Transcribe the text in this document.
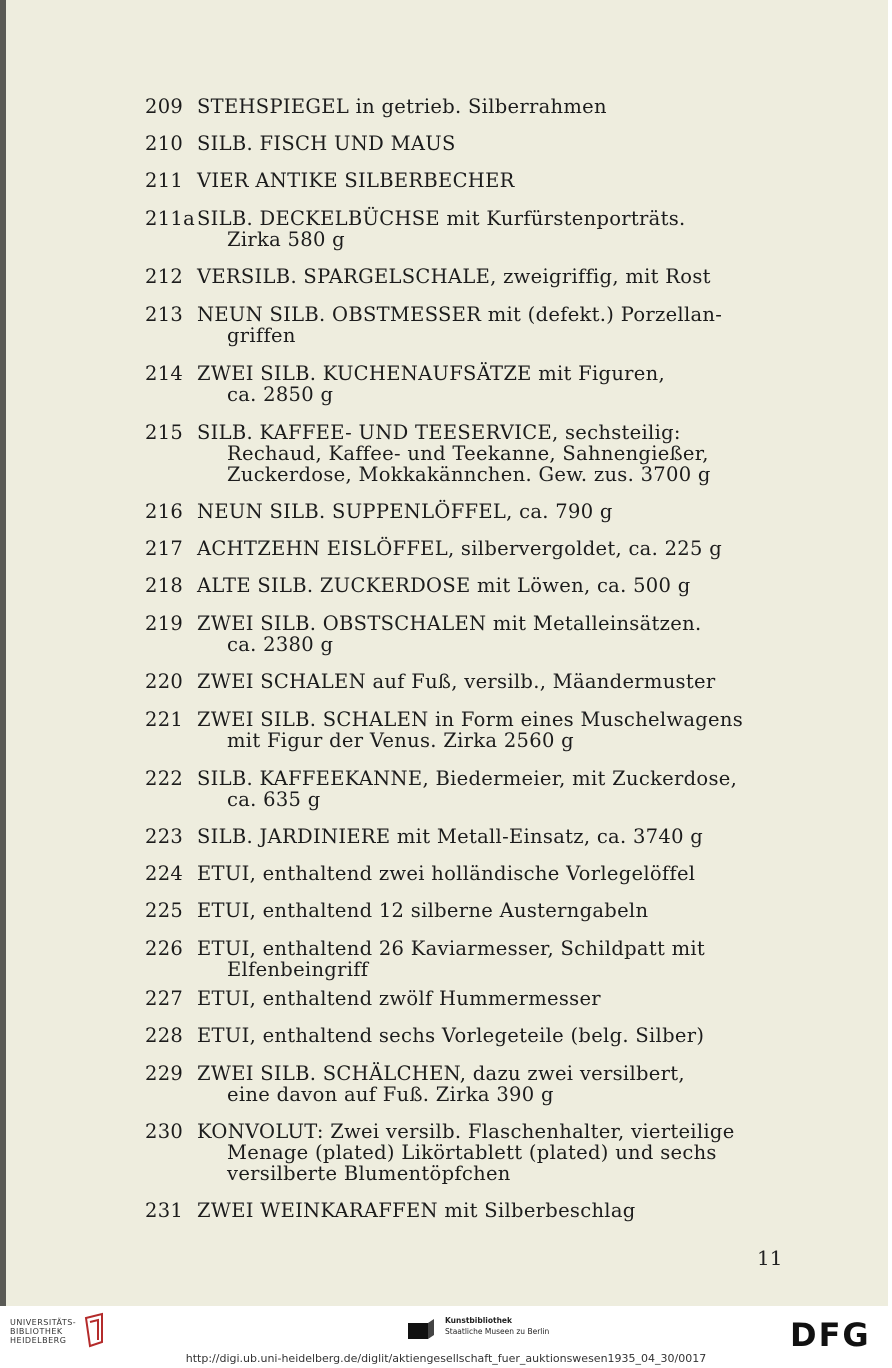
209 STEHSPIEGEL in getrieb. Silberrahmen
210 SILB. FISCH UND MAUS
211 VIER ANTIKE SILBERBECHER
211a SILB. DECKELBÜCHSE mit Kurfürstenporträts.
Zirka 580 g
212 VERSILB. SPARGELSCHALE, zweigriffig, mit Rost
213 NEUN SILB. OBSTMESSER mit (defekt.) Porzellan-
griffen
214 ZWEI SILB. KUCHENAUFSÄTZE mit Figuren,
ca. 2850 g
215 SILB. KAFFEE- UND TEESERVICE, sechsteilig:
Rechaud, Kaffee- und Teekanne, Sahnengießer,
Zuckerdose, Mokkakännchen. Gew. zus. 3700 g
216 NEUN SILB. SUPPENLÖFFEL, ca. 790 g
217 ACHTZEHN EISLÖFFEL, silbervergoldet, ca. 225 g
218 ALTE SILB. ZUCKERDOSE mit Löwen, ca. 500 g
219 ZWEI SILB. OBSTSCHALEN mit Metalleinsätzen.
ca. 2380 g
220 ZWEI SCHALEN auf Fuß, versilb., Mäandermuster
221 ZWEI SILB. SCHALEN in Form eines Muschelwagens
mit Figur der Venus. Zirka 2560 g
222 SILB. KAFFEEKANNE, Biedermeier, mit Zuckerdose,
ca. 635 g
223 SILB. JARDINIERE mit Metall-Einsatz, ca. 3740 g
224 ETUI, enthaltend zwei holländische Vorlegelöffel
225 ETUI, enthaltend 12 silberne Austerngabeln
226 ETUI, enthaltend 26 Kaviarmesser, Schildpatt mit
Elfenbeingriff
227 ETUI, enthaltend zwölf Hummermesser
228 ETUI, enthaltend sechs Vorlegeteile (belg. Silber)
229 ZWEI SILB. SCHÄLCHEN, dazu zwei versilbert,
eine davon auf Fuß. Zirka 390 g
230 KONVOLUT: Zwei versilb. Flaschenhalter, vierteilige
Menage (plated) Likörtablett (plated) und sechs
versilberte Blumentöpfchen
231 ZWEI WEINKARAFFEN mit Silberbeschlag
11
UNIVERSITÄTS-
BIBLIOTHEK
HEIDELBERG
Kunstbibliothek
Staatliche Museen zu Berlin	DFG
http://digi.ub.uni-heidelberg.de/diglit/aktiengesellschaft_fuer_auktionswesen1935_04_30/0017
